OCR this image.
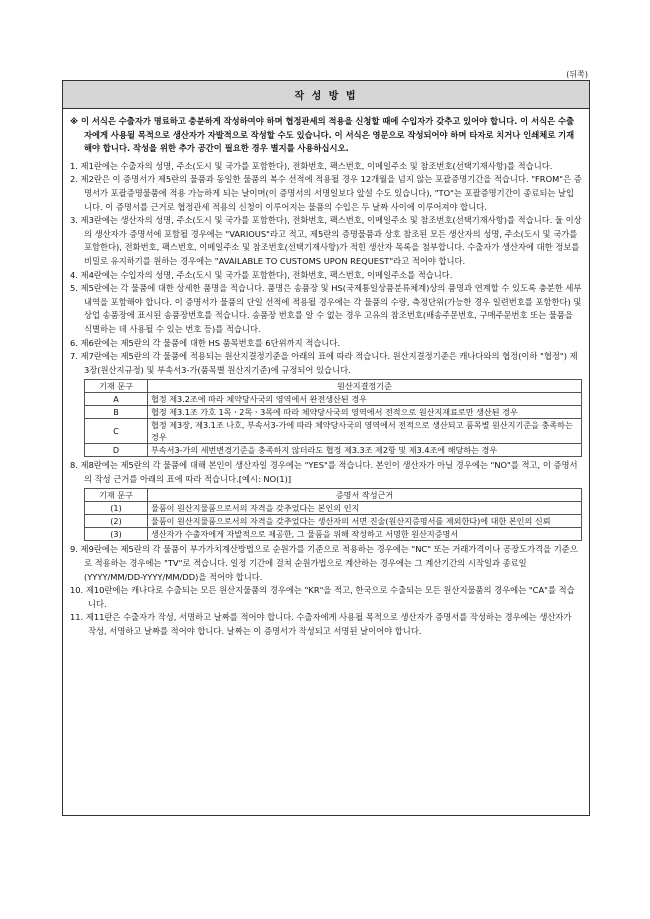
(뒤쪽)
작 성 방 법
※ 이 서식은 수출자가 명료하고 충분하게 작성하여야 하며 협정관세의 적용을 신청할 때에 수입자가 갖추고 있어야 합니다. 이 서식은 수출자에게 사용될 목적으로 생산자가 자발적으로 작성할 수도 있습니다. 이 서식은 영문으로 작성되어야 하며 타자로 치거나 인쇄체로 기재해야 합니다. 작성을 위한 추가 공간이 필요한 경우 별지를 사용하십시오.
1. 제1란에는 수출자의 성명, 주소(도시 및 국가를 포함한다), 전화번호, 팩스번호, 이메일주소 및 참조번호(선택기재사항)를 적습니다.
2. 제2란은 이 증명서가 제5란의 물품과 동일한 물품의 복수 선적에 적용될 경우 12개월을 넘지 않는 포괄증명기간을 적습니다. "FROM"은 증명서가 포괄증명물품에 적용 가능하게 되는 날이며(이 증명서의 서명일보다 앞설 수도 있습니다), "TO"는 포괄증명기간이 종료되는 날입니다. 이 증명서를 근거로 협정관세 적용의 신청이 이루어지는 물품의 수입은 두 날짜 사이에 이루어져야 합니다.
3. 제3란에는 생산자의 성명, 주소(도시 및 국가를 포함한다), 전화번호, 팩스번호, 이메일주소 및 참조번호(선택기재사항)를 적습니다. 둘 이상의 생산자가 증명서에 포함될 경우에는 "VARIOUS"라고 적고, 제5란의 증명물품과 상호 참조된 모든 생산자의 성명, 주소(도시 및 국가를 포함한다), 전화번호, 팩스번호, 이메일주소 및 참조번호(선택기재사항)가 적힌 생산자 목록을 첨부합니다. 수출자가 생산자에 대한 정보를 비밀로 유지하기를 원하는 경우에는 "AVAILABLE TO CUSTOMS UPON REQUEST"라고 적어야 합니다.
4. 제4란에는 수입자의 성명, 주소(도시 및 국가를 포함한다), 전화번호, 팩스번호, 이메일주소를 적습니다.
5. 제5란에는 각 물품에 대한 상세한 품명을 적습니다. 품명은 송품장 및 HS(국제통일상품분류체계)상의 품명과 연계할 수 있도록 충분한 세부내역을 포함해야 합니다. 이 증명서가 물품의 단일 선적에 적용될 경우에는 각 물품의 수량, 측정단위(가능한 경우 일련번호를 포함한다) 및 상업 송품장에 표시된 송품장번호를 적습니다. 송품장 번호를 알 수 없는 경우 고유의 참조번호(배송주문번호, 구매주문번호 또는 물품을 식별하는 데 사용될 수 있는 번호 등)를 적습니다.
6. 제6란에는 제5란의 각 물품에 대한 HS 품목번호를 6단위까지 적습니다.
7. 제7란에는 제5란의 각 물품에 적용되는 원산지결정기준을 아래의 표에 따라 적습니다. 원산지결정기준은 캐나다와의 협정(이하 "협정") 제3장(원산지규정) 및 부속서3-가(품목별 원산지기준)에 규정되어 있습니다.
기재 문구	원산지결정기준
A	협정 제3.2조에 따라 체약당사국의 영역에서 완전생산된 경우
B	협정 제3.1조 가호 1목ㆍ2목ㆍ3목에 따라 체약당사국의 영역에서 전적으로 원산지재료로만 생산된 경우
C	협정 제3장, 제3.1조 나호, 부속서3-가에 따라 체약당사국의 영역에서 전적으로 생산되고 품목별 원산지기준을 충족하는 경우
D	부속서3-가의 세번변경기준을 충족하지 않더라도 협정 제3.3조 제2항 및 제3.4조에 해당하는 경우
8. 제8란에는 제5란의 각 물품에 대해 본인이 생산자일 경우에는 "YES"를 적습니다. 본인이 생산자가 아닐 경우에는 "NO"를 적고, 이 증명서의 작성 근거를 아래의 표에 따라 적습니다.[예시: NO(1)]
기재 문구	증명서 작성근거
(1)	물품이 원산지물품으로서의 자격을 갖추었다는 본인의 인지
(2)	물품이 원산지물품으로서의 자격을 갖추었다는 생산자의 서면 진술(원산지증명서를 제외한다)에 대한 본인의 신뢰
(3)	생산자가 수출자에게 자발적으로 제공한, 그 물품을 위해 작성하고 서명한 원산지증명서
9. 제9란에는 제5란의 각 물품이 부가가치계산방법으로 순원가를 기준으로 적용하는 경우에는 "NC" 또는 거래가격이나 공장도가격을 기준으로 적용하는 경우에는 "TV"로 적습니다. 일정 기간에 걸쳐 순원가법으로 계산하는 경우에는 그 계산기간의 시작일과 종료일(YYYY/MM/DD-YYYY/MM/DD)을 적어야 합니다.
10. 제10란에는 캐나다로 수출되는 모든 원산지물품의 경우에는 "KR"을 적고, 한국으로 수출되는 모든 원산지물품의 경우에는 "CA"를 적습니다.
11. 제11란은 수출자가 작성, 서명하고 날짜를 적어야 합니다. 수출자에게 사용될 목적으로 생산자가 증명서를 작성하는 경우에는 생산자가 작성, 서명하고 날짜를 적어야 합니다. 날짜는 이 증명서가 작성되고 서명된 날이어야 합니다.
